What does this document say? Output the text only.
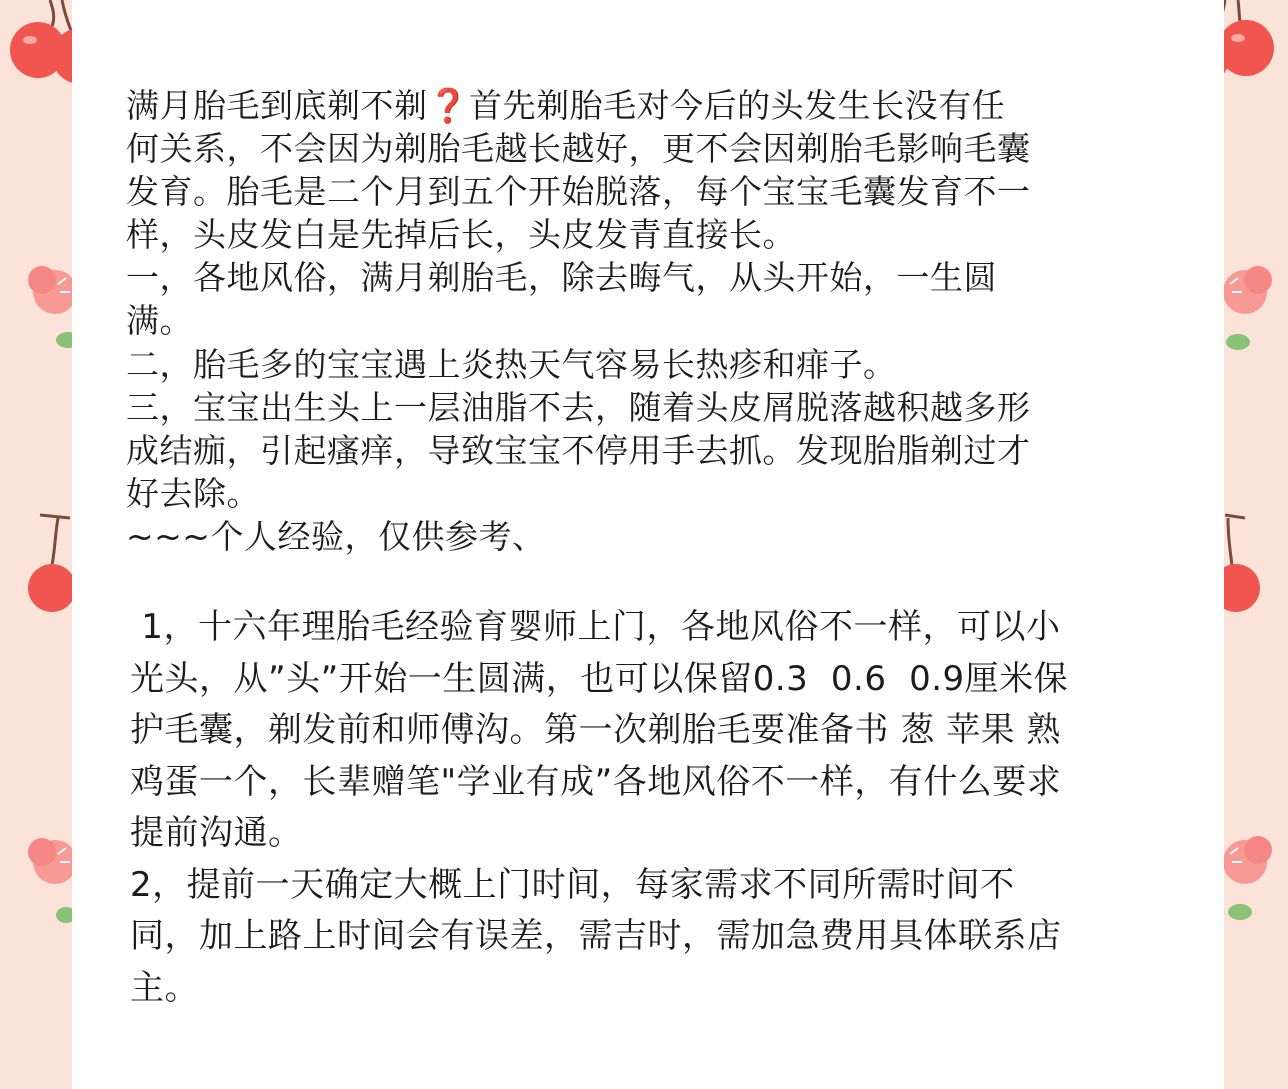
满月胎毛到底剃不剃❓首先剃胎毛对今后的头发生长没有任

何关系，不会因为剃胎毛越长越好，更不会因剃胎毛影响毛囊

发育。胎毛是二个月到五个开始脱落，每个宝宝毛囊发育不一

样，头皮发白是先掉后长，头皮发青直接长。

一，各地风俗，满月剃胎毛，除去晦气，从头开始，一生圆

满。

二，胎毛多的宝宝遇上炎热天气容易长热疹和痱子。

三，宝宝出生头上一层油脂不去，随着头皮屑脱落越积越多形

成结痂，引起瘙痒，导致宝宝不停用手去抓。发现胎脂剃过才

好去除。

~~~个人经验，仅供参考、

1，十六年理胎毛经验育婴师上门，各地风俗不一样，可以小

光头，从”头”开始一生圆满，也可以保留0.3  0.6  0.9厘米保

护毛囊，剃发前和师傅沟。第一次剃胎毛要准备书 葱 苹果 熟

鸡蛋一个，长辈赠笔"学业有成”各地风俗不一样，有什么要求

提前沟通。

2，提前一天确定大概上门时间，每家需求不同所需时间不

同，加上路上时间会有误差，需吉时，需加急费用具体联系店

主。
